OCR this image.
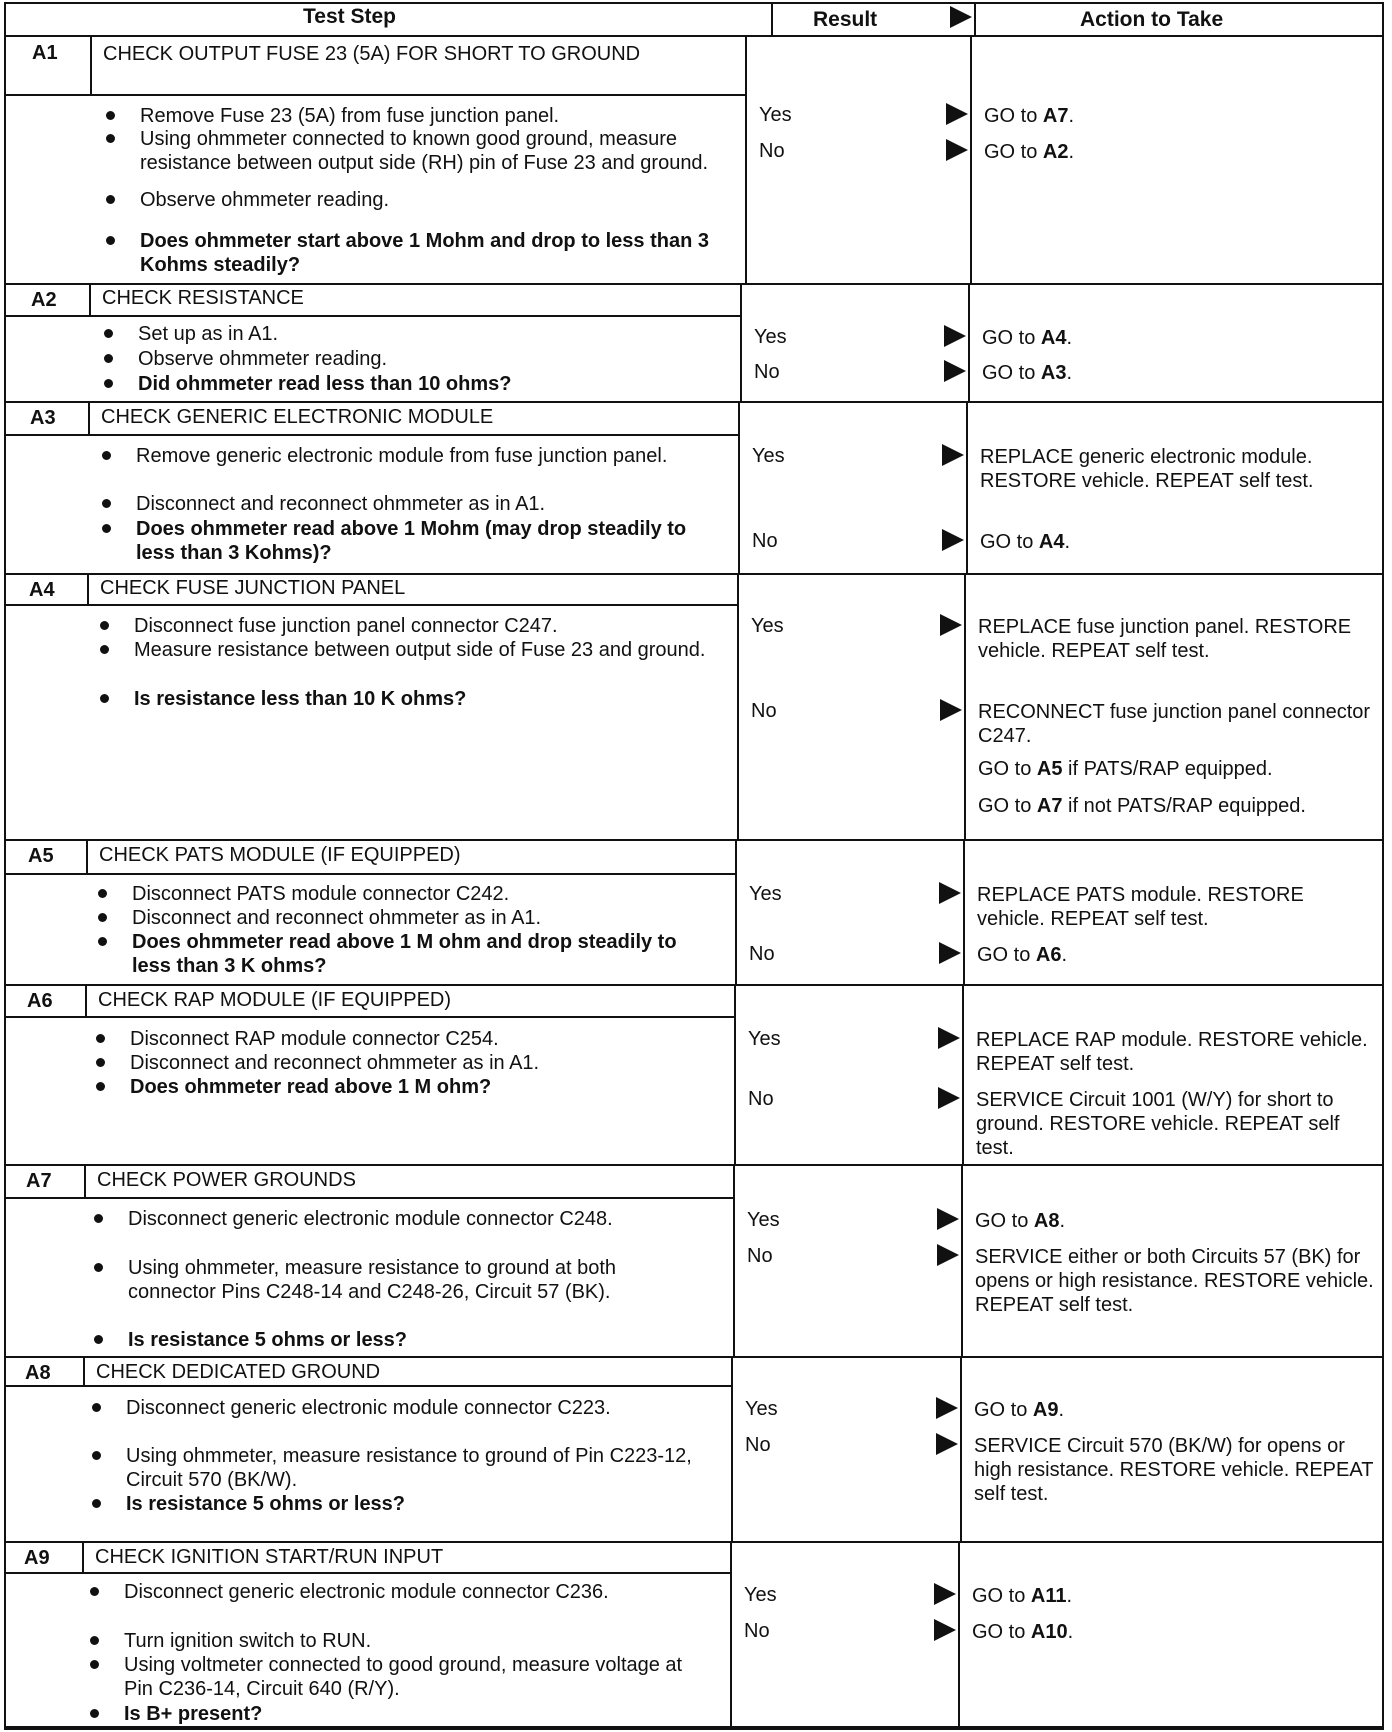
Test Step	Result	Action to Take
A1 CHECK OUTPUT FUSE 23 (5A) FOR SHORT TO GROUND
Remove Fuse 23 (5A) from fuse junction panel.
Using ohmmeter connected to known good ground, measure resistance between output side (RH) pin of Fuse 23 and ground.
Observe ohmmeter reading.
Does ohmmeter start above 1 Mohm and drop to less than 3 Kohms steadily?
Yes	GO to A7.
No	GO to A2.
A2 CHECK RESISTANCE
Set up as in A1.
Observe ohmmeter reading.
Did ohmmeter read less than 10 ohms?
Yes	GO to A4.
No	GO to A3.
A3 CHECK GENERIC ELECTRONIC MODULE
Remove generic electronic module from fuse junction panel.
Disconnect and reconnect ohmmeter as in A1.
Does ohmmeter read above 1 Mohm (may drop steadily to less than 3 Kohms)?
Yes	REPLACE generic electronic module. RESTORE vehicle. REPEAT self test.
No	GO to A4.
A4 CHECK FUSE JUNCTION PANEL
Disconnect fuse junction panel connector C247.
Measure resistance between output side of Fuse 23 and ground.
Is resistance less than 10 K ohms?
Yes	REPLACE fuse junction panel. RESTORE vehicle. REPEAT self test.
No	RECONNECT fuse junction panel connector C247.
GO to A5 if PATS/RAP equipped.
GO to A7 if not PATS/RAP equipped.
A5 CHECK PATS MODULE (IF EQUIPPED)
Disconnect PATS module connector C242.
Disconnect and reconnect ohmmeter as in A1.
Does ohmmeter read above 1 M ohm and drop steadily to less than 3 K ohms?
Yes	REPLACE PATS module. RESTORE vehicle. REPEAT self test.
No	GO to A6.
A6 CHECK RAP MODULE (IF EQUIPPED)
Disconnect RAP module connector C254.
Disconnect and reconnect ohmmeter as in A1.
Does ohmmeter read above 1 M ohm?
Yes	REPLACE RAP module. RESTORE vehicle. REPEAT self test.
No	SERVICE Circuit 1001 (W/Y) for short to ground. RESTORE vehicle. REPEAT self test.
A7 CHECK POWER GROUNDS
Disconnect generic electronic module connector C248.
Using ohmmeter, measure resistance to ground at both connector Pins C248-14 and C248-26, Circuit 57 (BK).
Is resistance 5 ohms or less?
Yes	GO to A8.
No	SERVICE either or both Circuits 57 (BK) for opens or high resistance. RESTORE vehicle. REPEAT self test.
A8 CHECK DEDICATED GROUND
Disconnect generic electronic module connector C223.
Using ohmmeter, measure resistance to ground of Pin C223-12, Circuit 570 (BK/W).
Is resistance 5 ohms or less?
Yes	GO to A9.
No	SERVICE Circuit 570 (BK/W) for opens or high resistance. RESTORE vehicle. REPEAT self test.
A9 CHECK IGNITION START/RUN INPUT
Disconnect generic electronic module connector C236.
Turn ignition switch to RUN.
Using voltmeter connected to good ground, measure voltage at Pin C236-14, Circuit 640 (R/Y).
Is B+ present?
Yes	GO to A11.
No	GO to A10.
